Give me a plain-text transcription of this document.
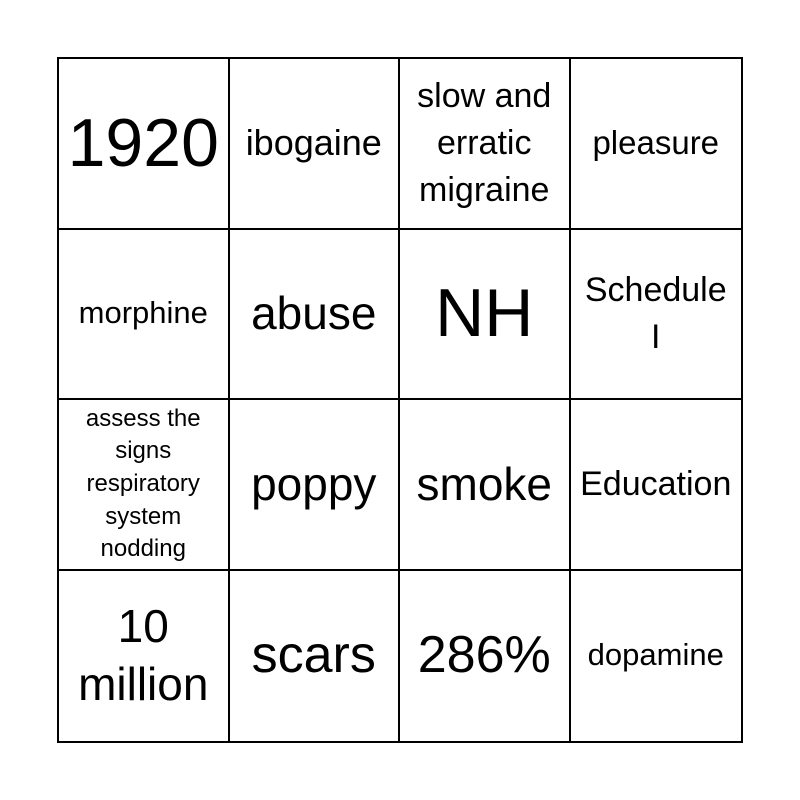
1920 ibogaine
slow and
erratic
migraine
pleasure
morphine abuse NH Schedule
I
assess the
signs
respiratory
system
nodding
poppy smoke Education
10
million scars 286% dopamine
